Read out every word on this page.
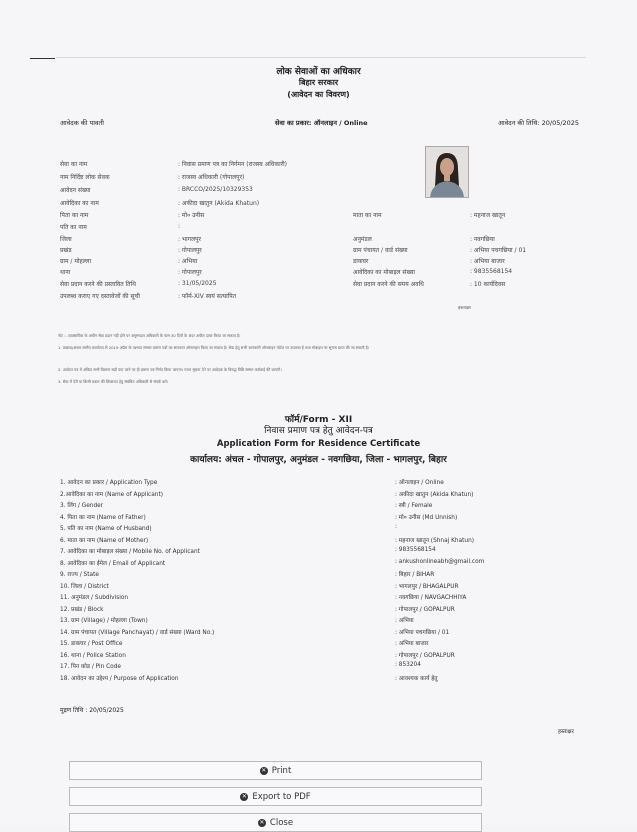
लोक सेवाओं का अधिकार
बिहार सरकार
(आवेदन का विवरण)
आवेदक की पावती	सेवा का प्रकार: ऑनलाइन / Online	आवेदन की तिथि: 20/05/2025
सेवा का नाम	: निवास प्रमाण पत्र का निर्गमन (राजस्व अधिकारी)
नाम निर्दिष्ट लोक सेवक	: राजस्व अधिकारी (गोपालपुर)
आवेदन संख्या	: BRCCO/2025/10329353
आवेदिका का नाम	: अकीदा खातुन (Akida Khatun)
पिता का नाम	: मो० उनीस	माता का नाम	: महनाज खातून
पति का नाम	:
जिला	: भागलपुर	अनुमंडल	: नवगछिया
प्रखंड	: गोपालपुर	ग्राम पंचायत / वार्ड संख्या	: अभिया पचगछिया / 01
ग्राम / मोहल्ला	: अभिया	डाकघर	: अभिया बाजार
थाना	: गोपालपुर	आवेदिका का मोबाइल संख्या	: 9835568154
सेवा प्रदान करने की प्रस्तावित तिथि	: 31/05/2025	सेवा प्रदान करने की समय अवधि	: 10 कार्यदिवस
उपलब्ध कराए गए दस्तावेजों की सूची	: फॉर्म-XIV स्वयं सत्यापित
हस्ताक्षर
नोट :- व्यवसायिक के अधीन सेवा प्रदान नहीं होने पर अनुमण्डल अधिकारी के पास 30 दिनों के अंदर अपील दायर किया जा सकता है।
1. प्रखण्ड/अंचल स्तरीय कार्यालय से 2019 अप्रैल के पश्चात समस्त प्रमाण पत्रों का सत्यापन ऑनलाइन किया जा सकता है। सेवा हेतु सभी जानकारी ऑनलाइन पोर्टल पर उपलब्ध है तथा मोबाइल पर सूचना प्राप्त की जा सकती है।
2. आवेदन पत्र में अंकित सभी विवरण सही पाए जाने पर ही प्रमाण पत्र निर्गत किया जाएगा। गलत सूचना देने पर आवेदक के विरुद्ध विधि सम्मत कार्रवाई की जाएगी।
3. सेवा में देरी या किसी प्रकार की शिकायत हेतु संबंधित अधिकारी से संपर्क करें।
फॉर्म/Form - XII
निवास प्रमाण पत्र हेतु आवेदन-पत्र
Application Form for Residence Certificate
कार्यालय: अंचल - गोपालपुर, अनुमंडल - नवगछिया, जिला - भागलपुर, बिहार
1. आवेदन का प्रकार / Application Type	: ऑनलाइन / Online
2.आवेदिका का नाम (Name of Applicant)	: अकीदा खातुन (Akida Khatun)
3. लिंग / Gender	: स्त्री / Female
4. पिता का नाम (Name of Father)	: मो० उनीस (Md Unnish)
5. पति का नाम (Name of Husband)	:
6. माता का नाम (Name of Mother)	: महनाज खातून (Shnaj Khatun)
7. आवेदिका का मोबाइल संख्या / Mobile No. of Applicant	: 9835568154
8. आवेदिका का ईमेल / Email of Applicant	: ankushonlineabh@gmail.com
9. राज्य / State	: बिहार / BIHAR
10. जिला / District	: भागलपुर / BHAGALPUR
11. अनुमंडल / Subdivision	: नवगछिया / NAVGACHHIYA
12. प्रखंड / Block	: गोपालपुर / GOPALPUR
13. ग्राम (Village) / मोहल्ला (Town)	: अभिया
14. ग्राम पंचायत (Village Panchayat) / वार्ड संख्या (Ward No.)	: अभिया पचगछिया / 01
15. डाकघर / Post Office	: अभिया बाजार
16. थाना / Police Station	: गोपालपुर / GOPALPUR
17. पिन कोड / Pin Code	: 853204
18. आवेदन का उद्देश्य / Purpose of Application	: आवश्यक कार्य हेतु
मुद्रण तिथि : 20/05/2025
हस्ताक्षर
✕ Print
✕ Export to PDF
✕ Close
